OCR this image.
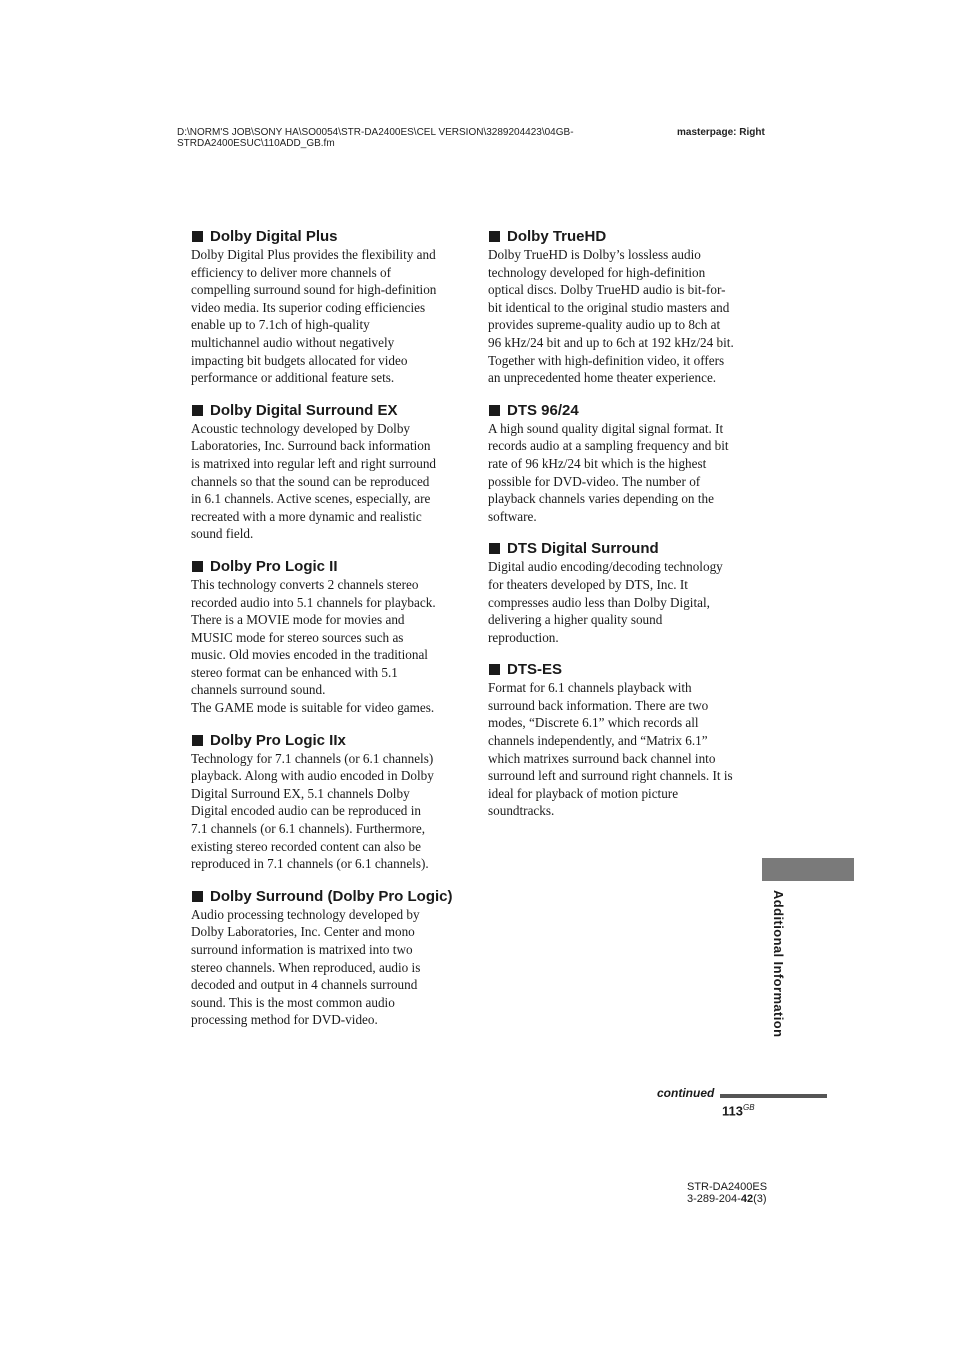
D:\NORM'S JOB\SONY HA\SO0054\STR-DA2400ES\CEL VERSION\3289204423\04GB-
STRDA2400ESUC\110ADD_GB.fm
masterpage: Right
Dolby Digital Plus

Dolby Digital Plus provides the flexibility and
efficiency to deliver more channels of
compelling surround sound for high-definition
video media. Its superior coding efficiencies
enable up to 7.1ch of high-quality
multichannel audio without negatively
impacting bit budgets allocated for video
performance or additional feature sets.

Dolby Digital Surround EX

Acoustic technology developed by Dolby
Laboratories, Inc. Surround back information
is matrixed into regular left and right surround
channels so that the sound can be reproduced
in 6.1 channels. Active scenes, especially, are
recreated with a more dynamic and realistic
sound field.

Dolby Pro Logic II

This technology converts 2 channels stereo
recorded audio into 5.1 channels for playback.
There is a MOVIE mode for movies and
MUSIC mode for stereo sources such as
music. Old movies encoded in the traditional
stereo format can be enhanced with 5.1
channels surround sound.
The GAME mode is suitable for video games.

Dolby Pro Logic IIx

Technology for 7.1 channels (or 6.1 channels)
playback. Along with audio encoded in Dolby
Digital Surround EX, 5.1 channels Dolby
Digital encoded audio can be reproduced in
7.1 channels (or 6.1 channels). Furthermore,
existing stereo recorded content can also be
reproduced in 7.1 channels (or 6.1 channels).

Dolby Surround (Dolby Pro Logic)

Audio processing technology developed by
Dolby Laboratories, Inc. Center and mono
surround information is matrixed into two
stereo channels. When reproduced, audio is
decoded and output in 4 channels surround
sound. This is the most common audio
processing method for DVD-video.

Dolby TrueHD

Dolby TrueHD is Dolby’s lossless audio
technology developed for high-definition
optical discs. Dolby TrueHD audio is bit-for-
bit identical to the original studio masters and
provides supreme-quality audio up to 8ch at
96 kHz/24 bit and up to 6ch at 192 kHz/24 bit.
Together with high-definition video, it offers
an unprecedented home theater experience.

DTS 96/24

A high sound quality digital signal format. It
records audio at a sampling frequency and bit
rate of 96 kHz/24 bit which is the highest
possible for DVD-video. The number of
playback channels varies depending on the
software.

DTS Digital Surround

Digital audio encoding/decoding technology
for theaters developed by DTS, Inc. It
compresses audio less than Dolby Digital,
delivering a higher quality sound
reproduction.

DTS-ES

Format for 6.1 channels playback with
surround back information. There are two
modes, “Discrete 6.1” which records all
channels independently, and “Matrix 6.1”
which matrixes surround back channel into
surround left and surround right channels. It is
ideal for playback of motion picture
soundtracks.

Additional Information
continued
$113^{GB}$
STR-DA2400ES
3-289-204-42(3)
